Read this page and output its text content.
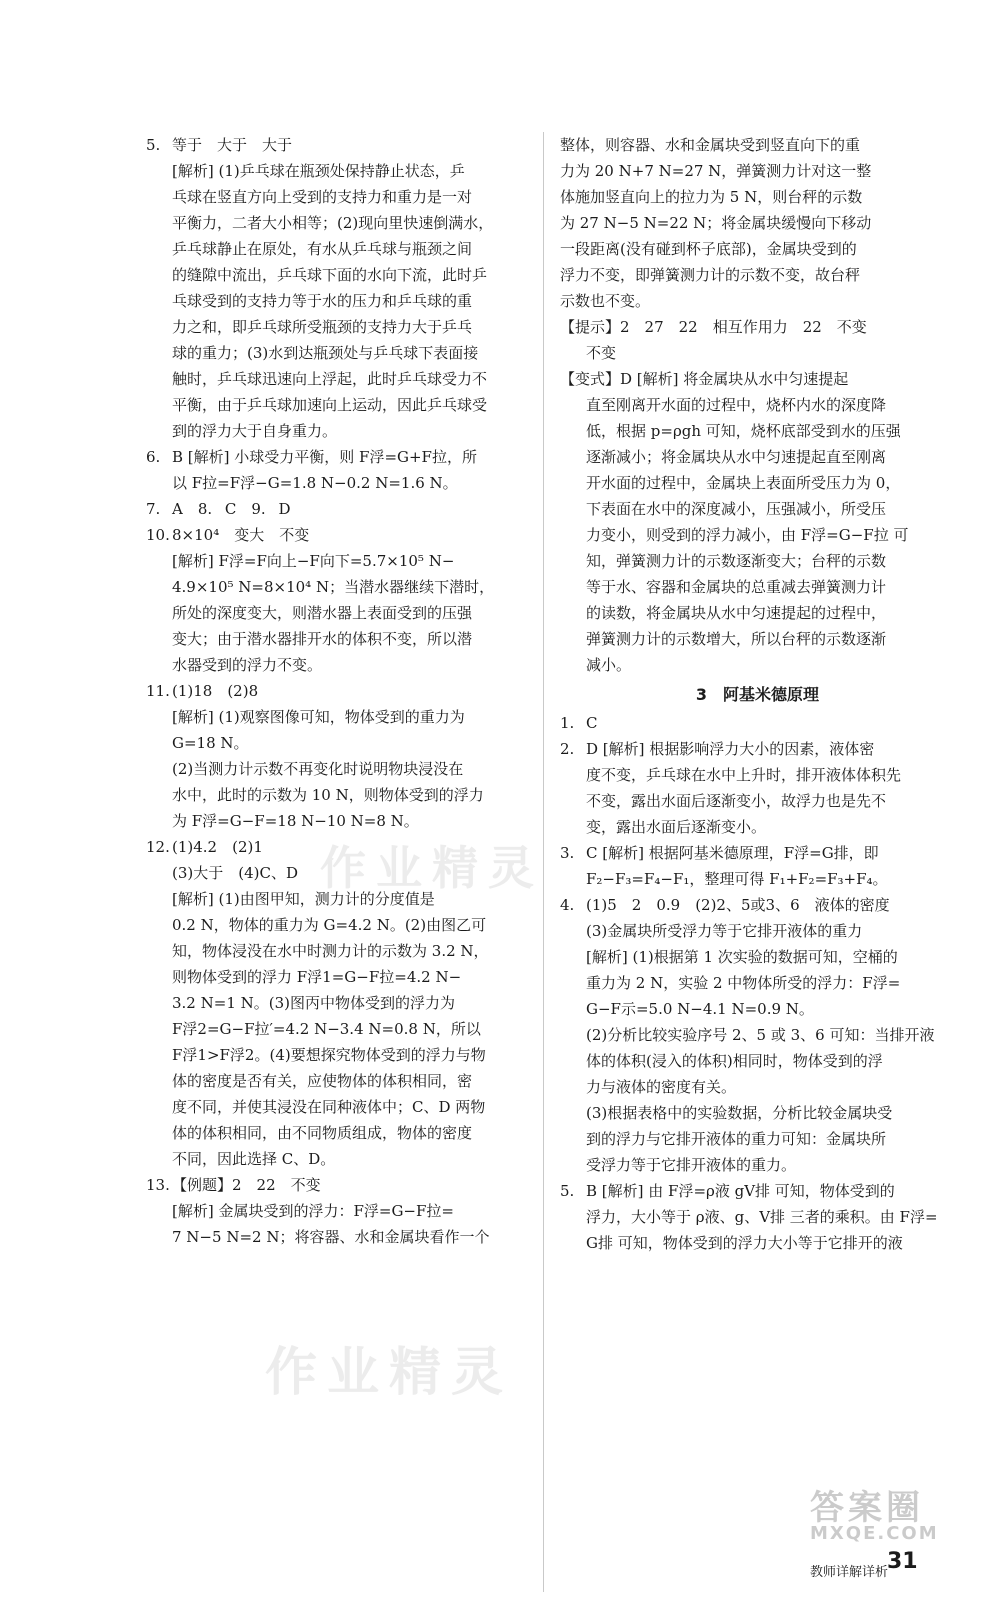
5. 等于　大于　大于
[解析] (1)乒乓球在瓶颈处保持静止状态，乒
乓球在竖直方向上受到的支持力和重力是一对
平衡力，二者大小相等；(2)现向里快速倒满水，
乒乓球静止在原处，有水从乒乓球与瓶颈之间
的缝隙中流出，乒乓球下面的水向下流，此时乒
乓球受到的支持力等于水的压力和乒乓球的重
力之和，即乒乓球所受瓶颈的支持力大于乒乓
球的重力；(3)水到达瓶颈处与乒乓球下表面接
触时，乒乓球迅速向上浮起，此时乒乓球受力不
平衡，由于乒乓球加速向上运动，因此乒乓球受
到的浮力大于自身重力。
6. B [解析] 小球受力平衡，则 F浮=G+F拉，所
以 F拉=F浮−G=1.8 N−0.2 N=1.6 N。
7. A　8. C　9. D
10. 8×10⁴　变大　不变
[解析] F浮=F向上−F向下=5.7×10⁵ N−
4.9×10⁵ N=8×10⁴ N；当潜水器继续下潜时，
所处的深度变大，则潜水器上表面受到的压强
变大；由于潜水器排开水的体积不变，所以潜
水器受到的浮力不变。
11. (1)18　(2)8
[解析] (1)观察图像可知，物体受到的重力为
G=18 N。
(2)当测力计示数不再变化时说明物块浸没在
水中，此时的示数为 10 N，则物体受到的浮力
为 F浮=G−F=18 N−10 N=8 N。
12. (1)4.2　(2)1
(3)大于　(4)C、D
[解析] (1)由图甲知，测力计的分度值是
0.2 N，物体的重力为 G=4.2 N。(2)由图乙可
知，物体浸没在水中时测力计的示数为 3.2 N，
则物体受到的浮力 F浮1=G−F拉=4.2 N−
3.2 N=1 N。(3)图丙中物体受到的浮力为
F浮2=G−F拉′=4.2 N−3.4 N=0.8 N，所以
F浮1>F浮2。(4)要想探究物体受到的浮力与物
体的密度是否有关，应使物体的体积相同，密
度不同，并使其浸没在同种液体中；C、D 两物
体的体积相同，由不同物质组成，物体的密度
不同，因此选择 C、D。
13. 【例题】2　22　不变
[解析] 金属块受到的浮力：F浮=G−F拉=
7 N−5 N=2 N；将容器、水和金属块看作一个
整体，则容器、水和金属块受到竖直向下的重
力为 20 N+7 N=27 N，弹簧测力计对这一整
体施加竖直向上的拉力为 5 N，则台秤的示数
为 27 N−5 N=22 N；将金属块缓慢向下移动
一段距离(没有碰到杯子底部)，金属块受到的
浮力不变，即弹簧测力计的示数不变，故台秤
示数也不变。
【提示】2　27　22　相互作用力　22　不变
不变
【变式】D [解析] 将金属块从水中匀速提起
直至刚离开水面的过程中，烧杯内水的深度降
低，根据 p=ρgh 可知，烧杯底部受到水的压强
逐渐减小；将金属块从水中匀速提起直至刚离
开水面的过程中，金属块上表面所受压力为 0，
下表面在水中的深度减小，压强减小，所受压
力变小，则受到的浮力减小，由 F浮=G−F拉 可
知，弹簧测力计的示数逐渐变大；台秤的示数
等于水、容器和金属块的总重减去弹簧测力计
的读数，将金属块从水中匀速提起的过程中，
弹簧测力计的示数增大，所以台秤的示数逐渐
减小。
3　阿基米德原理
1. C
2. D [解析] 根据影响浮力大小的因素，液体密
度不变，乒乓球在水中上升时，排开液体体积先
不变，露出水面后逐渐变小，故浮力也是先不
变，露出水面后逐渐变小。
3. C [解析] 根据阿基米德原理，F浮=G排，即
F₂−F₃=F₄−F₁，整理可得 F₁+F₂=F₃+F₄。
4. (1)5　2　0.9　(2)2、5或3、6　液体的密度
(3)金属块所受浮力等于它排开液体的重力
[解析] (1)根据第 1 次实验的数据可知，空桶的
重力为 2 N，实验 2 中物体所受的浮力：F浮=
G−F示=5.0 N−4.1 N=0.9 N。
(2)分析比较实验序号 2、5 或 3、6 可知：当排开液
体的体积(浸入的体积)相同时，物体受到的浮
力与液体的密度有关。
(3)根据表格中的实验数据，分析比较金属块受
到的浮力与它排开液体的重力可知：金属块所
受浮力等于它排开液体的重力。
5. B [解析] 由 F浮=ρ液 gV排 可知，物体受到的
浮力，大小等于 ρ液、g、V排 三者的乘积。由 F浮=
G排 可知，物体受到的浮力大小等于它排开的液
作业精灵
作业精灵
答案圈
MXQE.COM
教师详解详析
31
